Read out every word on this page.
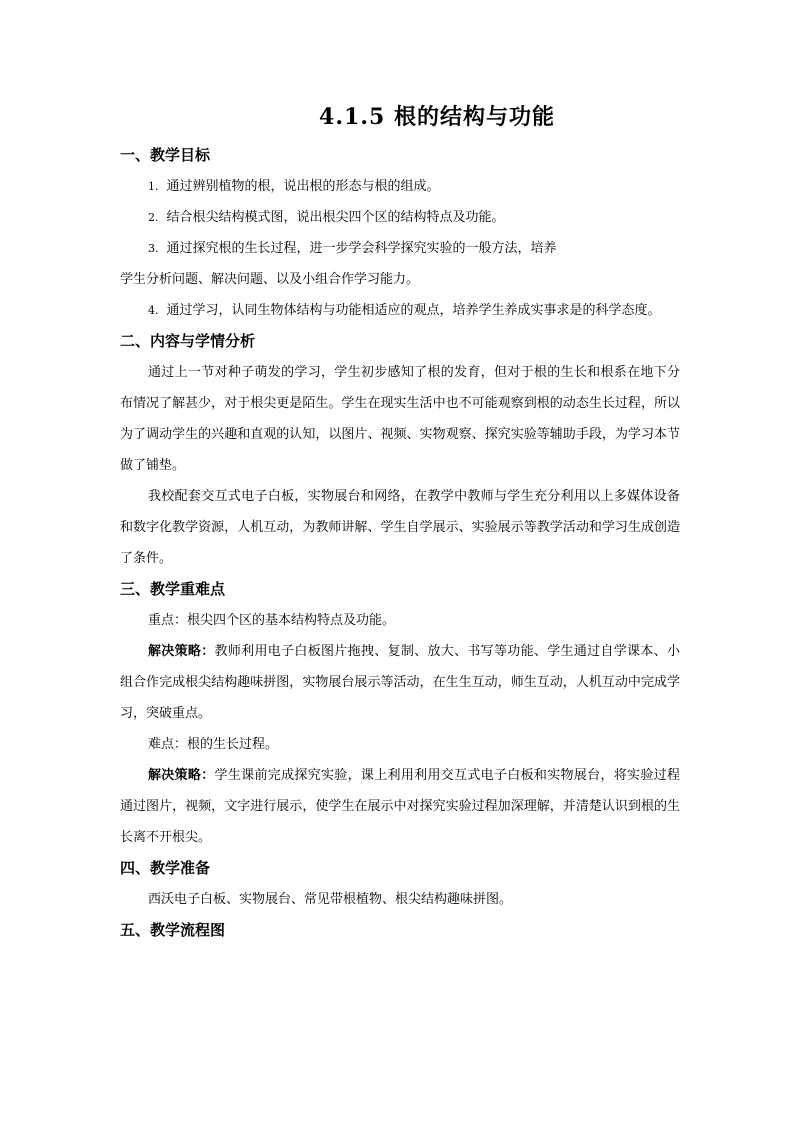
4.1.5 根的结构与功能
一、教学目标

1. 通过辨别植物的根，说出根的形态与根的组成。

2. 结合根尖结构模式图，说出根尖四个区的结构特点及功能。

3. 通过探究根的生长过程，进一步学会科学探究实验的一般方法，培养

学生分析问题、解决问题、以及小组合作学习能力。

4. 通过学习，认同生物体结构与功能相适应的观点，培养学生养成实事求是的科学态度。

二、内容与学情分析

通过上一节对种子萌发的学习，学生初步感知了根的发育，但对于根的生长和根系在地下分布情况了解甚少，对于根尖更是陌生。学生在现实生活中也不可能观察到根的动态生长过程，所以为了调动学生的兴趣和直观的认知，以图片、视频、实物观察、探究实验等辅助手段，为学习本节做了铺垫。

我校配套交互式电子白板，实物展台和网络，在教学中教师与学生充分利用以上多媒体设备和数字化教学资源，人机互动，为教师讲解、学生自学展示、实验展示等教学活动和学习生成创造了条件。

三、教学重难点

重点：根尖四个区的基本结构特点及功能。

解决策略：教师利用电子白板图片拖拽、复制、放大、书写等功能、学生通过自学课本、小组合作完成根尖结构趣味拼图，实物展台展示等活动，在生生互动，师生互动，人机互动中完成学习，突破重点。

难点：根的生长过程。

解决策略：学生课前完成探究实验，课上利用利用交互式电子白板和实物展台，将实验过程通过图片，视频，文字进行展示，使学生在展示中对探究实验过程加深理解，并清楚认识到根的生长离不开根尖。

四、教学准备

西沃电子白板、实物展台、常见带根植物、根尖结构趣味拼图。

五、教学流程图
